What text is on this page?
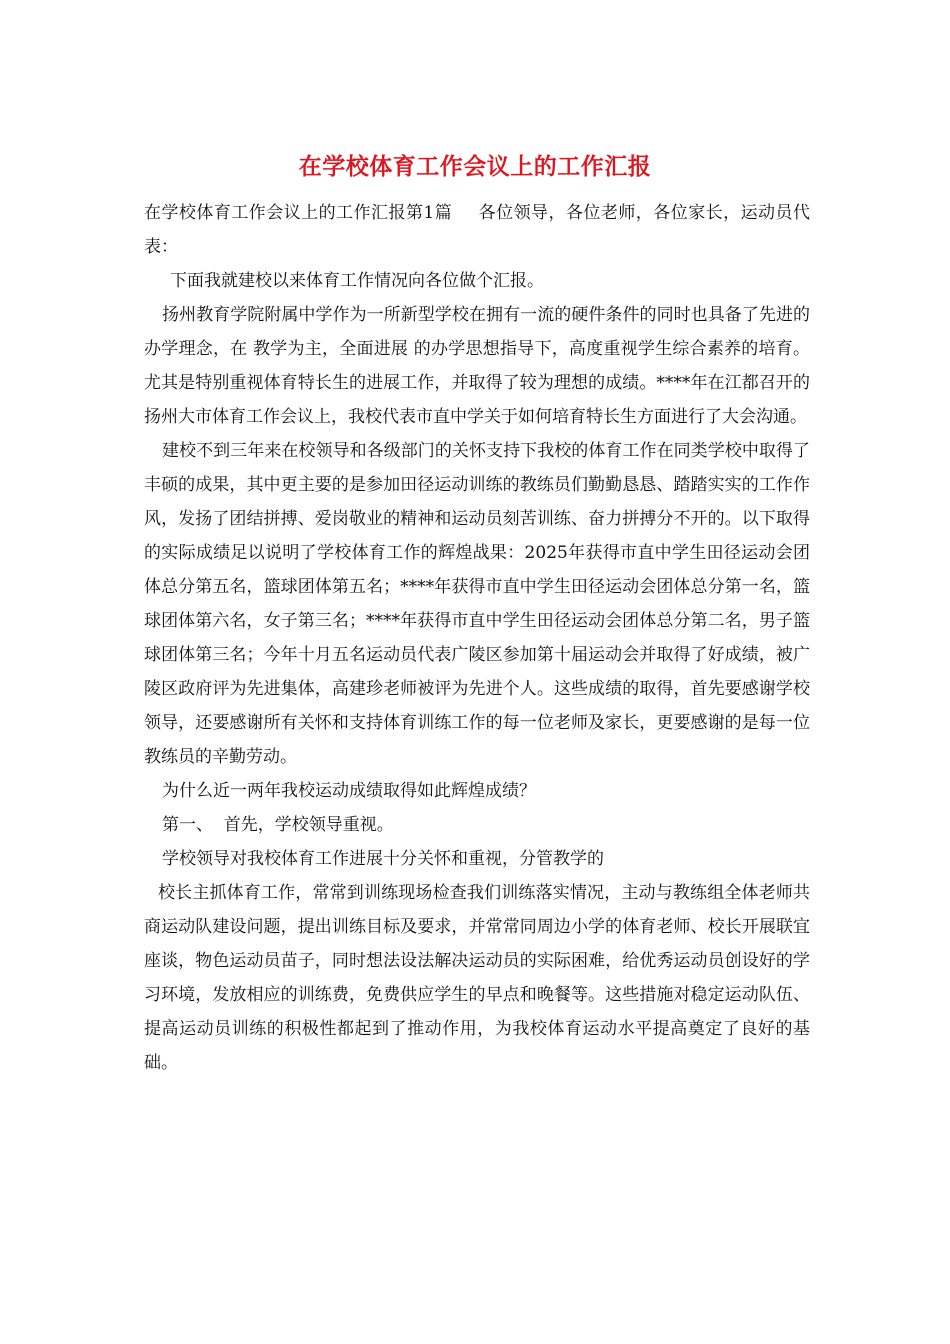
在学校体育工作会议上的工作汇报

在学校体育工作会议上的工作汇报第1篇 各位领导，各位老师，各位家长，运动员代表：

下面我就建校以来体育工作情况向各位做个汇报。

扬州教育学院附属中学作为一所新型学校在拥有一流的硬件条件的同时也具备了先进的办学理念，在 教学为主，全面进展 的办学思想指导下，高度重视学生综合素养的培育。尤其是特别重视体育特长生的进展工作，并取得了较为理想的成绩。****年在江都召开的扬州大市体育工作会议上，我校代表市直中学关于如何培育特长生方面进行了大会沟通。

建校不到三年来在校领导和各级部门的关怀支持下我校的体育工作在同类学校中取得了丰硕的成果，其中更主要的是参加田径运动训练的教练员们勤勤恳恳、踏踏实实的工作作风，发扬了团结拼搏、爱岗敬业的精神和运动员刻苦训练、奋力拼搏分不开的。以下取得的实际成绩足以说明了学校体育工作的辉煌战果：2025年获得市直中学生田径运动会团体总分第五名，篮球团体第五名；****年获得市直中学生田径运动会团体总分第一名，篮球团体第六名，女子第三名；****年获得市直中学生田径运动会团体总分第二名，男子篮球团体第三名；今年十月五名运动员代表广陵区参加第十届运动会并取得了好成绩，被广陵区政府评为先进集体，高建珍老师被评为先进个人。这些成绩的取得，首先要感谢学校领导，还要感谢所有关怀和支持体育训练工作的每一位老师及家长，更要感谢的是每一位教练员的辛勤劳动。

为什么近一两年我校运动成绩取得如此辉煌成绩？

第一、  首先，学校领导重视。

学校领导对我校体育工作进展十分关怀和重视，分管教学的

校长主抓体育工作，常常到训练现场检查我们训练落实情况，主动与教练组全体老师共商运动队建设问题，提出训练目标及要求，并常常同周边小学的体育老师、校长开展联宜座谈，物色运动员苗子，同时想法设法解决运动员的实际困难，给优秀运动员创设好的学习环境，发放相应的训练费，免费供应学生的早点和晚餐等。这些措施对稳定运动队伍、提高运动员训练的积极性都起到了推动作用，为我校体育运动水平提高奠定了良好的基础。
